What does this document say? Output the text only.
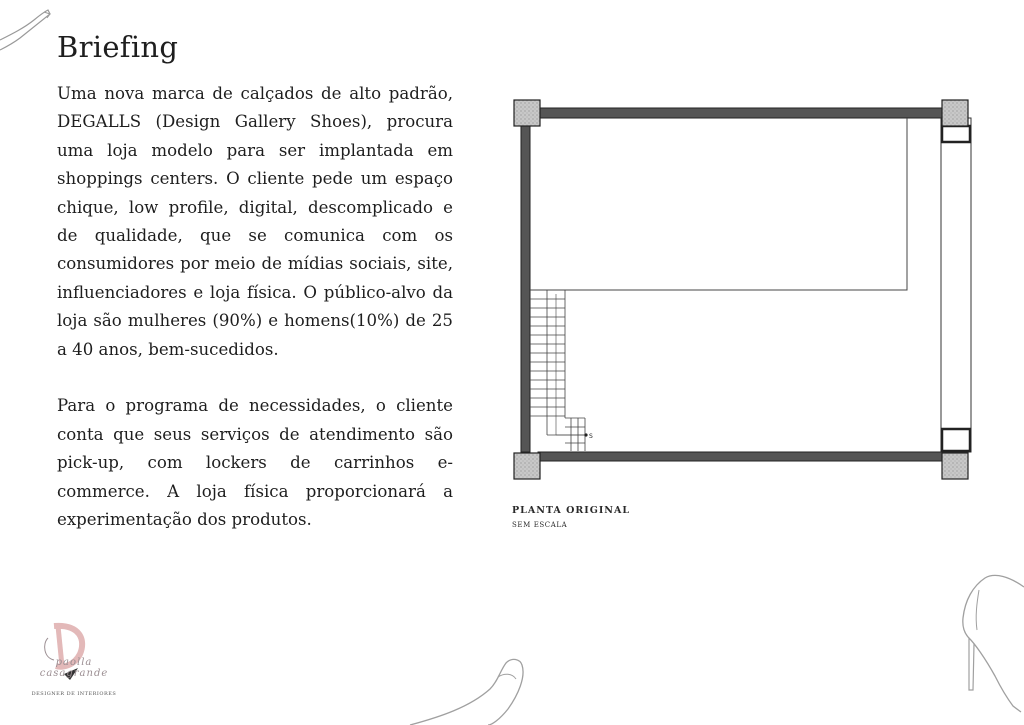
Briefing

Uma nova marca de calçados de alto padrão, DEGALLS (Design Gallery Shoes), procura uma loja modelo para ser implantada em shoppings centers. O cliente pede um espaço chique, low profile, digital, descomplicado e de qualidade, que se comunica com os consumidores por meio de mídias sociais, site, influenciadores e loja física. O público-alvo da loja são mulheres (90%) e homens(10%) de 25 a 40 anos, bem-sucedidos.

Para o programa de necessidades, o cliente conta que seus serviços de atendimento são pick-up, com lockers de carrinhos e-commerce. A loja física proporcionará a experimentação dos produtos.

S
PLANTA ORIGINAL
SEM ESCALA
paolla casagrande
DESIGNER DE INTERIORES
